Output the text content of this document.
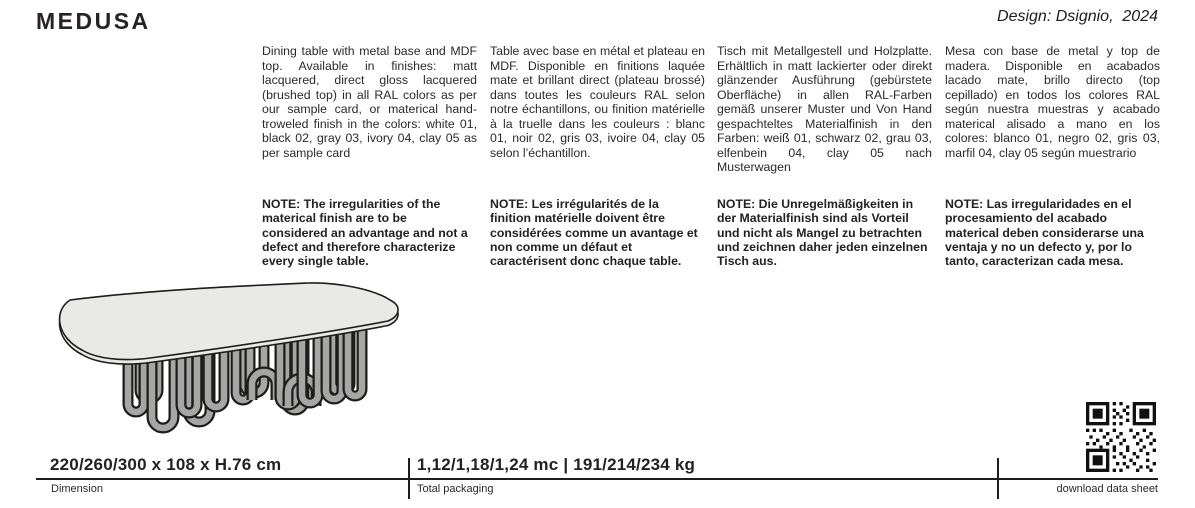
MEDUSA	Design: Dsignio,  2024

Dining table with metal base and MDF top. Available in finishes: matt lacquered, direct gloss lacquered (brushed top) in all RAL colors as per our sample card, or materical hand-troweled finish in the colors: white 01, black 02, gray 03, ivory 04, clay 05 as per sample card

NOTE: The irregularities of the materical finish are to be considered an advantage and not a defect and therefore characterize every single table.

Table avec base en métal et plateau en MDF. Disponible en finitions laquée mate et brillant direct (plateau brossé) dans toutes les couleurs RAL selon notre échantillons, ou finition matérielle à la truelle dans les couleurs : blanc 01, noir 02, gris 03, ivoire 04, clay 05 selon l’échantillon.

NOTE: Les irrégularités de la finition matérielle doivent être considérées comme un avantage et non comme un défaut et caractérisent donc chaque table.

Tisch mit Metallgestell und Holzplatte. Erhältlich in matt lackierter oder direkt glänzender Ausführung (gebürstete Oberfläche) in allen RAL-Farben gemäß unserer Muster und Von Hand gespachteltes Materialfinish in den Farben: weiß 01, schwarz 02, grau 03, elfenbein 04, clay 05 nach Musterwagen

NOTE: Die Unregelmäßigkeiten in der Materialfinish sind als Vorteil und nicht als Mangel zu betrachten und zeichnen daher jeden einzelnen Tisch aus.

Mesa con base de metal y top de madera. Disponible en acabados lacado mate, brillo directo (top cepillado) en todos los colores RAL según nuestra muestras y acabado materical alisado a mano en los colores: blanco 01, negro 02, gris 03, marfil 04, clay 05 según muestrario

NOTE: Las irregularidades en el procesamiento del acabado materical deben considerarse una ventaja y no un defecto y, por lo tanto, caracterizan cada mesa.

220/260/300 x 108 x H.76 cm
Dimension
1,12/1,18/1,24 mc | 191/214/234 kg
Total packaging	download data sheet
